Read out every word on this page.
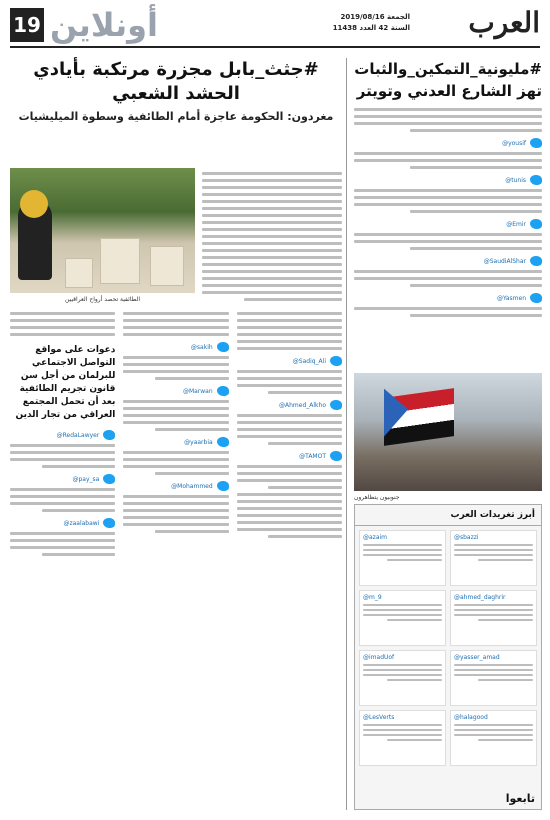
19 أونلاين	العرب
الجمعة 2019/08/16
السنة 42 العدد 11438
#مليونية_التمكين_والثبات تهز الشارع العدني وتويتر
@yousif
@tunis
@Emir
@SaudiAlShar
@Yasmen
جنوبيون يتظاهرون
أبرز تغريدات العرب
@sbazzi
@azaim
@ahmed_daghrir
@m_9
@yasser_amad
@imadUof
@halagood
@LesVerts
تابعوا
#جثث_بابل مجزرة مرتكبة بأيادي الحشد الشعبي
مغردون: الحكومة عاجزة أمام الطائفية وسطوة الميليشيات
الطائفية تحصد أرواح العراقيين
@Sadiq_Ali
@Ahmed_Alkho
@TAMOT
@sakih
@Marwan
@yaarbia
@Mohammed
دعوات على مواقع التواصل الاجتماعي للبرلمان من أجل سن قانون تجريم الطائفية بعد أن تحمل المجتمع العراقي من تجار الدين
@RedaLawyer
@pay_sa
@zaalabawi
